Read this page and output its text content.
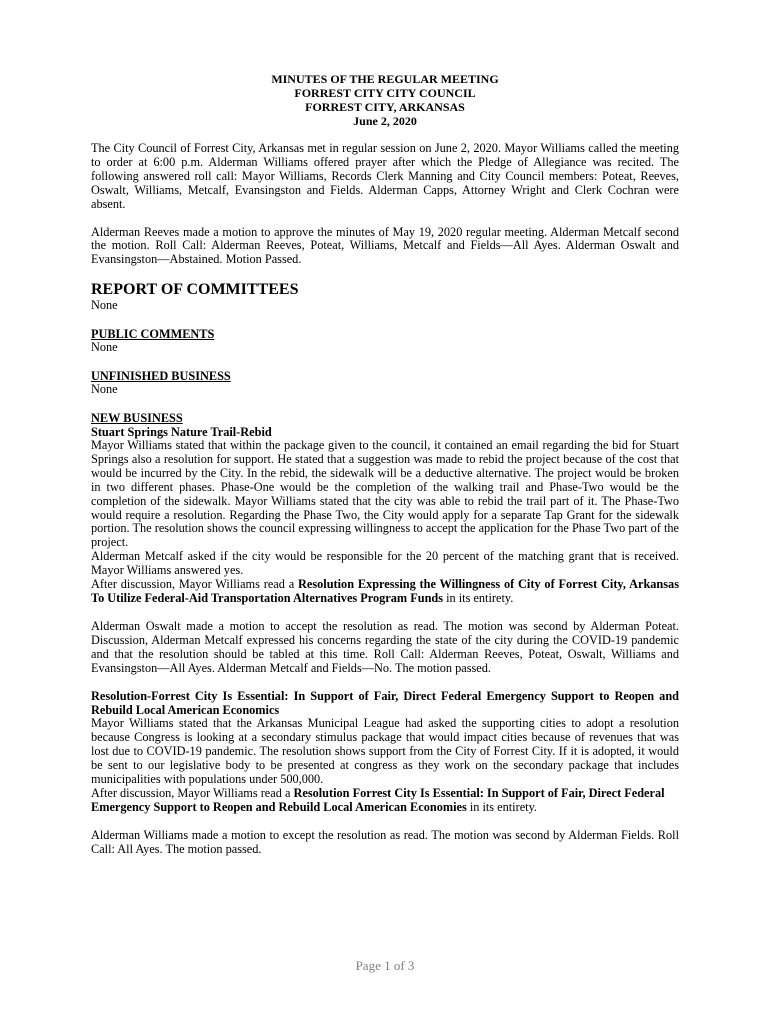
MINUTES OF THE REGULAR MEETING
FORREST CITY CITY COUNCIL
FORREST CITY, ARKANSAS
June 2, 2020

The City Council of Forrest City, Arkansas met in regular session on June 2, 2020. Mayor Williams called the meeting to order at 6:00 p.m. Alderman Williams offered prayer after which the Pledge of Allegiance was recited. The following answered roll call: Mayor Williams, Records Clerk Manning and City Council members: Poteat, Reeves, Oswalt, Williams, Metcalf, Evansingston and Fields. Alderman Capps, Attorney Wright and Clerk Cochran were absent.

Alderman Reeves made a motion to approve the minutes of May 19, 2020 regular meeting. Alderman Metcalf second the motion. Roll Call: Alderman Reeves, Poteat, Williams, Metcalf and Fields—All Ayes. Alderman Oswalt and Evansingston—Abstained. Motion Passed.

REPORT OF COMMITTEES

None

PUBLIC COMMENTS

None

UNFINISHED BUSINESS

None

NEW BUSINESS
Stuart Springs Nature Trail-Rebid

Mayor Williams stated that within the package given to the council, it contained an email regarding the bid for Stuart Springs also a resolution for support. He stated that a suggestion was made to rebid the project because of the cost that would be incurred by the City. In the rebid, the sidewalk will be a deductive alternative. The project would be broken in two different phases. Phase-One would be the completion of the walking trail and Phase-Two would be the completion of the sidewalk. Mayor Williams stated that the city was able to rebid the trail part of it. The Phase-Two would require a resolution. Regarding the Phase Two, the City would apply for a separate Tap Grant for the sidewalk portion. The resolution shows the council expressing willingness to accept the application for the Phase Two part of the project.

Alderman Metcalf asked if the city would be responsible for the 20 percent of the matching grant that is received. Mayor Williams answered yes.

After discussion, Mayor Williams read a Resolution Expressing the Willingness of City of Forrest City, Arkansas To Utilize Federal-Aid Transportation Alternatives Program Funds in its entirety.

Alderman Oswalt made a motion to accept the resolution as read. The motion was second by Alderman Poteat. Discussion, Alderman Metcalf expressed his concerns regarding the state of the city during the COVID-19 pandemic and that the resolution should be tabled at this time. Roll Call: Alderman Reeves, Poteat, Oswalt, Williams and Evansingston—All Ayes. Alderman Metcalf and Fields—No. The motion passed.

Resolution-Forrest City Is Essential: In Support of Fair, Direct Federal Emergency Support to Reopen and Rebuild Local American Economics

Mayor Williams stated that the Arkansas Municipal League had asked the supporting cities to adopt a resolution because Congress is looking at a secondary stimulus package that would impact cities because of revenues that was lost due to COVID-19 pandemic. The resolution shows support from the City of Forrest City. If it is adopted, it would be sent to our legislative body to be presented at congress as they work on the secondary package that includes municipalities with populations under 500,000.

After discussion, Mayor Williams read a Resolution Forrest City Is Essential: In Support of Fair, Direct Federal Emergency Support to Reopen and Rebuild Local American Economies in its entirety.

Alderman Williams made a motion to except the resolution as read. The motion was second by Alderman Fields. Roll Call: All Ayes. The motion passed.

Page 1 of 3
